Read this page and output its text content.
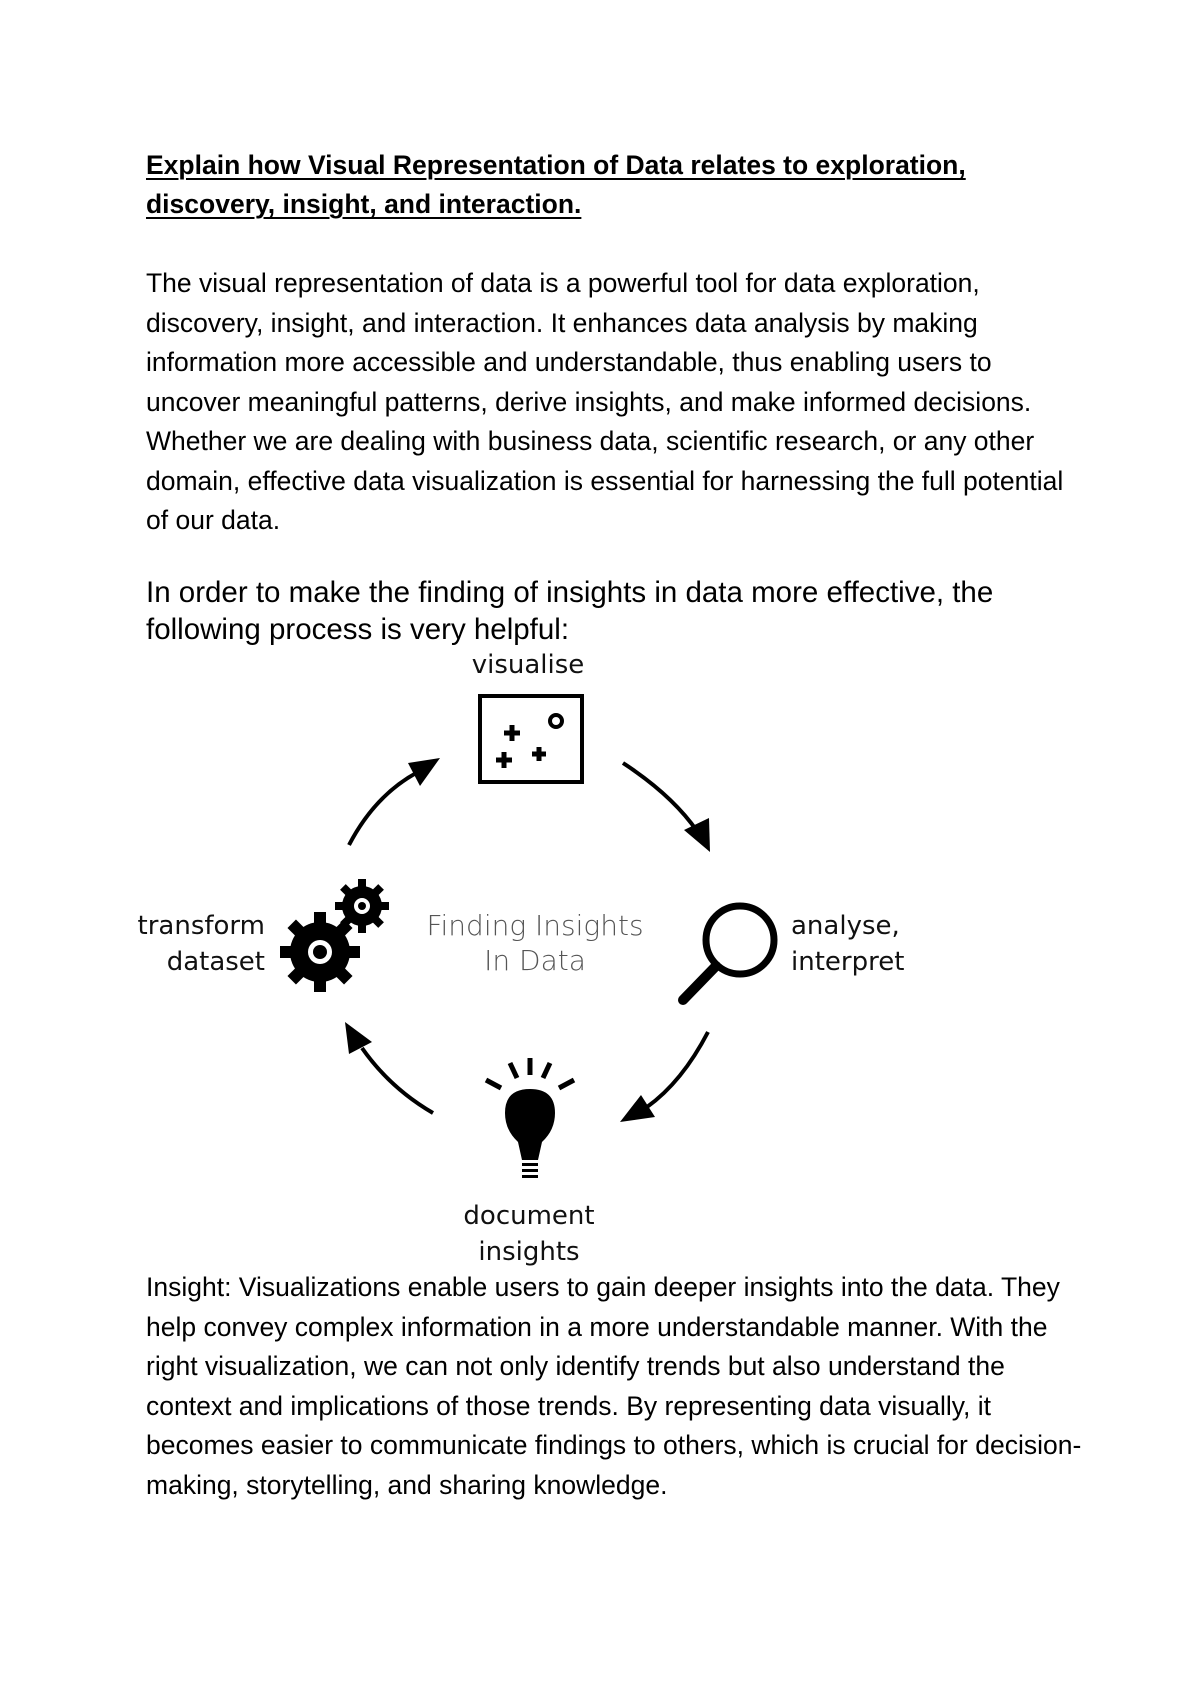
Explain how Visual Representation of Data relates to exploration, discovery, insight, and interaction.

The visual representation of data is a powerful tool for data exploration, discovery, insight, and interaction. It enhances data analysis by making information more accessible and understandable, thus enabling users to uncover meaningful patterns, derive insights, and make informed decisions. Whether we are dealing with business data, scientific research, or any other domain, effective data visualization is essential for harnessing the full potential of our data.

In order to make the finding of insights in data more effective, the following process is very helpful:

Finding Insights
In Data
visualise
analyse,
interpret
document
insights
transform
dataset

Insight: Visualizations enable users to gain deeper insights into the data. They help convey complex information in a more understandable manner. With the right visualization, we can not only identify trends but also understand the context and implications of those trends. By representing data visually, it becomes easier to communicate findings to others, which is crucial for decision-making, storytelling, and sharing knowledge.
